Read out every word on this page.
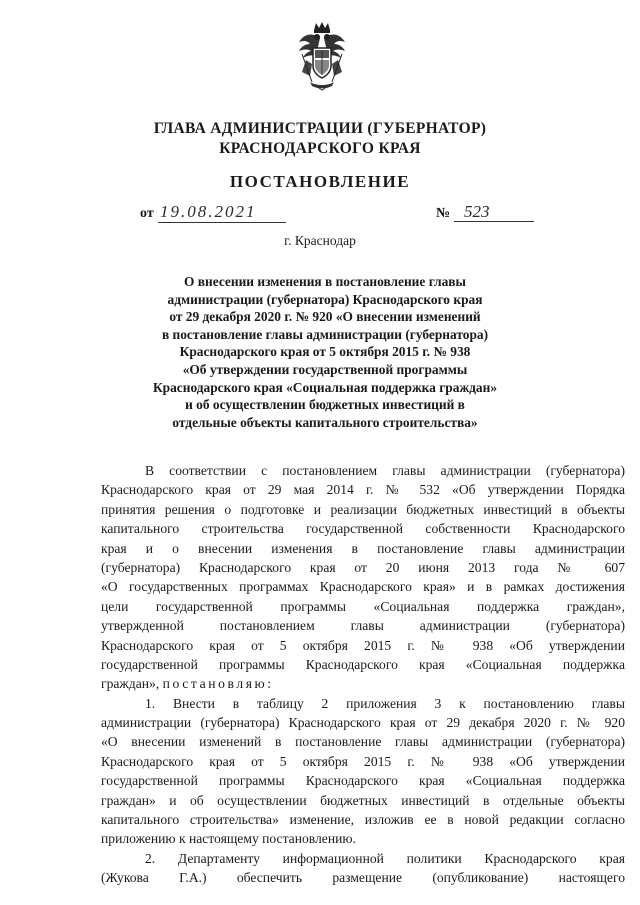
ГЛАВА АДМИНИСТРАЦИИ (ГУБЕРНАТОР)
КРАСНОДАРСКОГО КРАЯ
ПОСТАНОВЛЕНИЕ
от 19.08.2021	№ 523
г. Краснодар
О внесении изменения в постановление главы
администрации (губернатора) Краснодарского края
от 29 декабря 2020 г. № 920 «О внесении изменений
в постановление главы администрации (губернатора)
Краснодарского края от 5 октября 2015 г. № 938
«Об утверждении государственной программы
Краснодарского края «Социальная поддержка граждан»
и об осуществлении бюджетных инвестиций в
отдельные объекты капитального строительства»
В соответствии с постановлением главы администрации (губернатора)
Краснодарского края от 29 мая 2014 г. № 532 «Об утверждении Порядка
принятия решения о подготовке и реализации бюджетных инвестиций в объекты
капитального строительства государственной собственности Краснодарского
края и о внесении изменения в постановление главы администрации
(губернатора) Краснодарского края от 20 июня 2013 года № 607
«О государственных программах Краснодарского края» и в рамках достижения
цели государственной программы «Социальная поддержка граждан»,
утвержденной постановлением главы администрации (губернатора)
Краснодарского края от 5 октября 2015 г. № 938 «Об утверждении
государственной программы Краснодарского края «Социальная поддержка
граждан», постановляю:
1. Внести в таблицу 2 приложения 3 к постановлению главы
администрации (губернатора) Краснодарского края от 29 декабря 2020 г. № 920
«О внесении изменений в постановление главы администрации (губернатора)
Краснодарского края от 5 октября 2015 г. № 938 «Об утверждении
государственной программы Краснодарского края «Социальная поддержка
граждан» и об осуществлении бюджетных инвестиций в отдельные объекты
капитального строительства» изменение, изложив ее в новой редакции согласно
приложению к настоящему постановлению.
2. Департаменту информационной политики Краснодарского края
(Жукова Г.А.) обеспечить размещение (опубликование) настоящего
